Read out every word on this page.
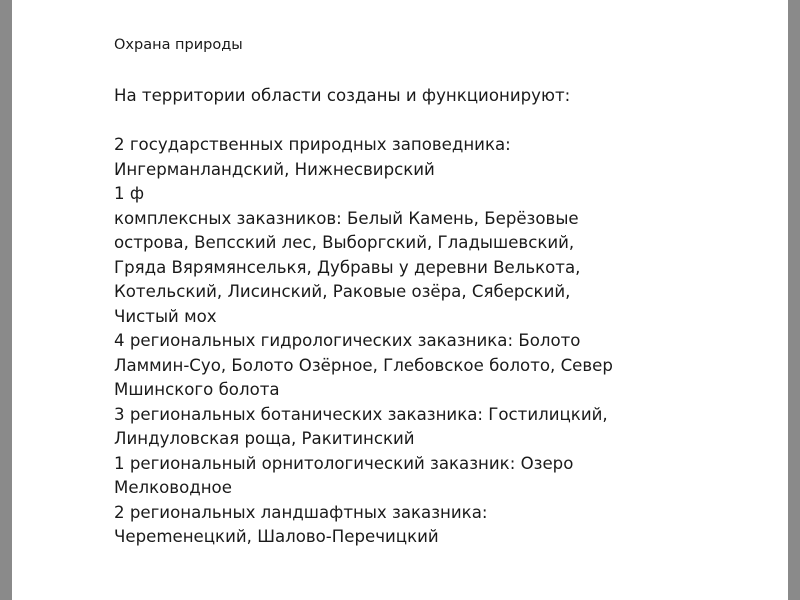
Охрана природы
На территории области созданы и функционируют:
2 государственных природных заповедника:
Ингерманландский, Нижнесвирский
1 ф
комплексных заказников: Белый Камень, Берёзовые
острова, Вепсский лес, Выборгский, Гладышевский,
Гряда Вярямянселькя, Дубравы у деревни Велькота,
Котельский, Лисинский, Раковые озёра, Сяберский,
Чистый мох
4 региональных гидрологических заказника: Болото
Ламмин-Суо, Болото Озёрное, Глебовское болото, Север
Мшинского болота
3 региональных ботанических заказника: Гостилицкий,
Линдуловская роща, Ракитинский
1 региональный орнитологический заказник: Озеро
Мелководное
2 региональных ландшафтных заказника:
Черemенецкий, Шалово-Перечицкий
